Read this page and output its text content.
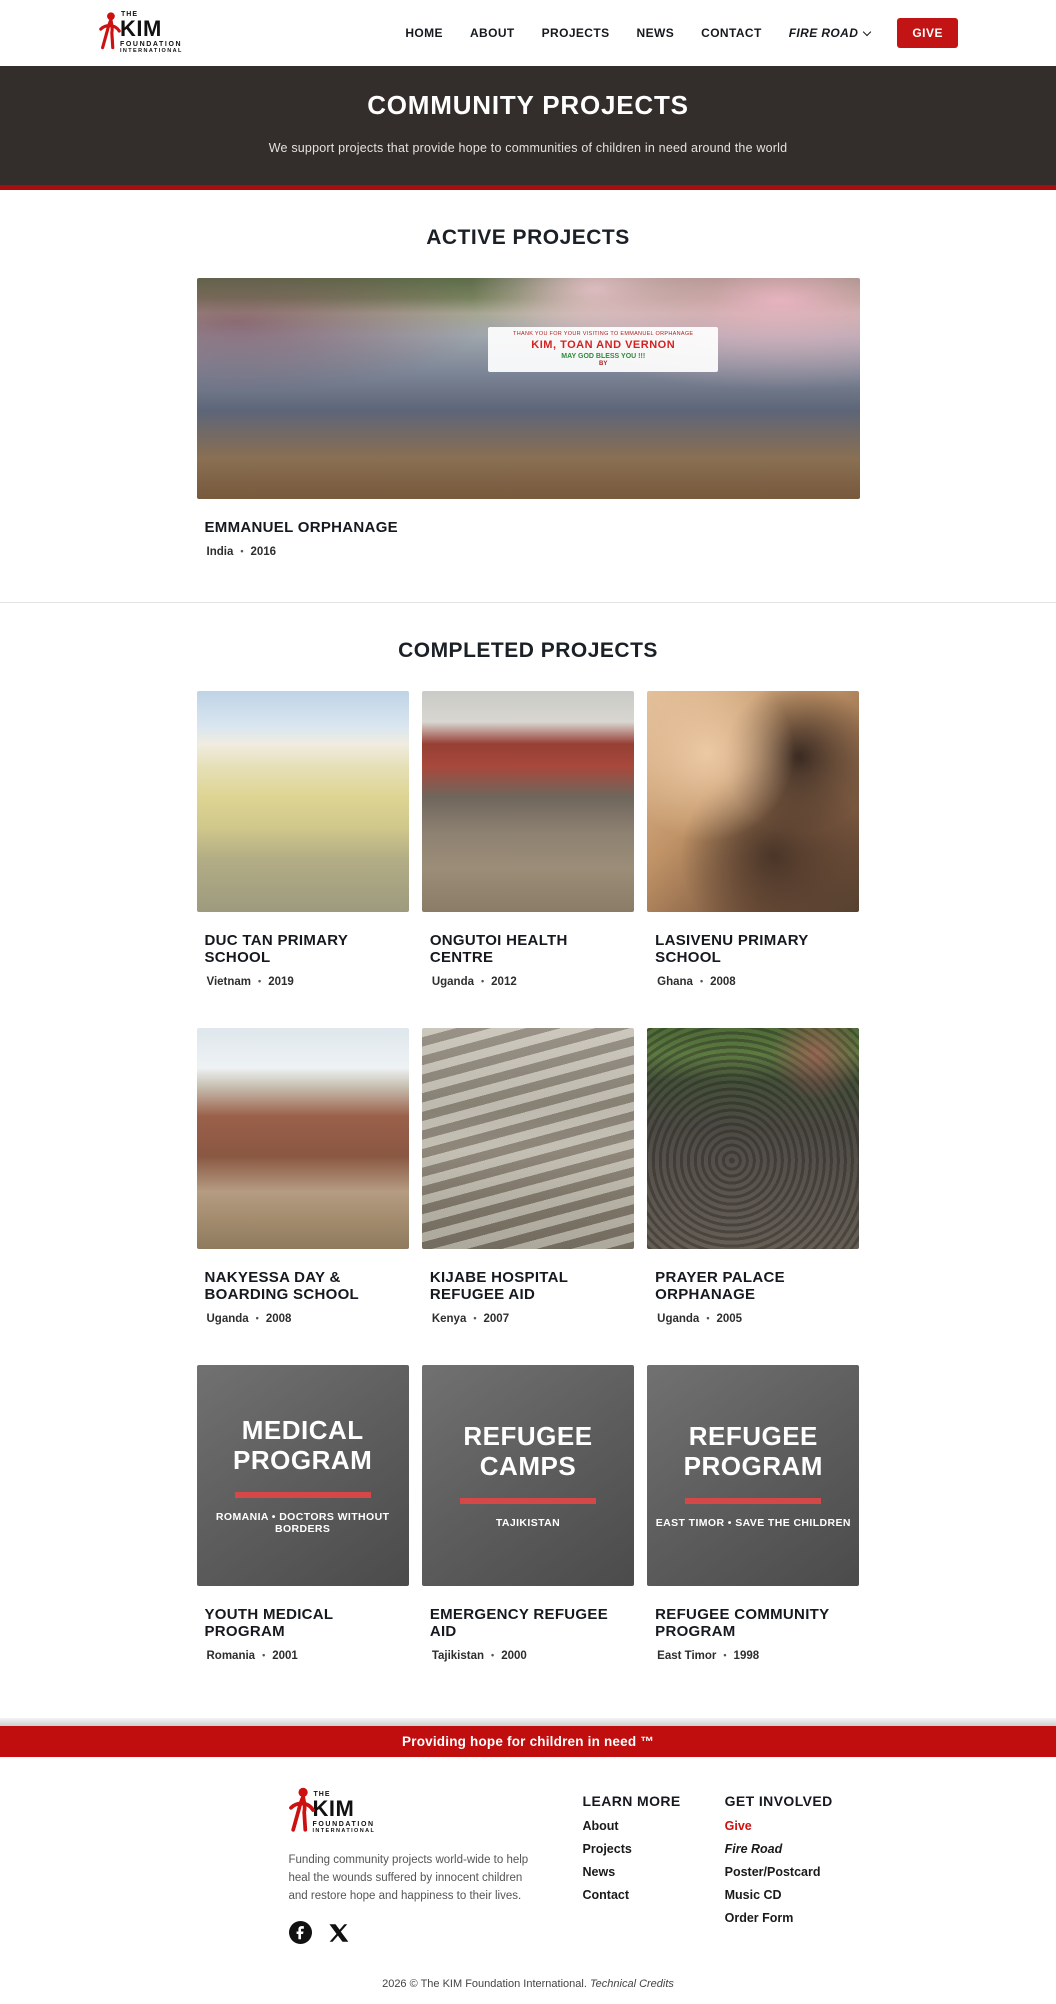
THE
KIM
FOUNDATION
INTERNATIONAL
HOME ABOUT PROJECTS NEWS CONTACT FIRE ROAD	GIVE
COMMUNITY PROJECTS

We support projects that provide hope to communities of children in need around the world

ACTIVE PROJECTS
THANK YOU FOR YOUR VISITING TO EMMANUEL ORPHANAGE
KIM, TOAN AND VERNON
MAY GOD BLESS YOU !!!
BY
EMMANUEL ORPHANAGE

India • 2016

COMPLETED PROJECTS
DUC TAN PRIMARY SCHOOL

Vietnam • 2019

ONGUTOI HEALTH CENTRE

Uganda • 2012

LASIVENU PRIMARY SCHOOL

Ghana • 2008

NAKYESSA DAY & BOARDING SCHOOL

Uganda • 2008

KIJABE HOSPITAL REFUGEE AID

Kenya • 2007

PRAYER PALACE ORPHANAGE

Uganda • 2005

MEDICAL PROGRAM
ROMANIA • DOCTORS WITHOUT BORDERS
YOUTH MEDICAL PROGRAM

Romania • 2001

REFUGEE CAMPS
TAJIKISTAN
EMERGENCY REFUGEE AID

Tajikistan • 2000

REFUGEE PROGRAM
EAST TIMOR • SAVE THE CHILDREN
REFUGEE COMMUNITY PROGRAM

East Timor • 1998

Providing hope for children in need ™
THE
KIM
FOUNDATION
INTERNATIONAL

Funding community projects world-wide to help heal the wounds suffered by innocent children and restore hope and happiness to their lives.

LEARN MORE
About
Projects
News
Contact
GET INVOLVED
Give
Fire Road
Poster/Postcard
Music CD
Order Form

2026 © The KIM Foundation International. Technical Credits
